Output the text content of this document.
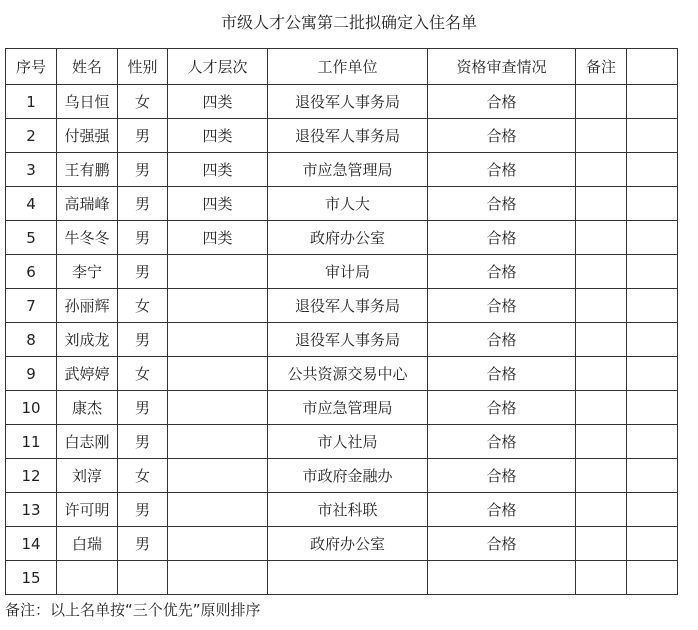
市级人才公寓第二批拟确定入住名单
序号	姓名	性别	人才层次	工作单位	资格审查情况	备注	
1	乌日恒	女	四类	退役军人事务局	合格		
2	付强强	男	四类	退役军人事务局	合格		
3	王有鹏	男	四类	市应急管理局	合格		
4	高瑞峰	男	四类	市人大	合格		
5	牛冬冬	男	四类	政府办公室	合格		
6	李宁	男		审计局	合格		
7	孙丽辉	女		退役军人事务局	合格		
8	刘成龙	男		退役军人事务局	合格		
9	武婷婷	女		公共资源交易中心	合格		
10	康杰	男		市应急管理局	合格		
11	白志刚	男		市人社局	合格		
12	刘淳	女		市政府金融办	合格		
13	许可明	男		市社科联	合格		
14	白瑞	男		政府办公室	合格		
15							
备注：以上名单按“三个优先”原则排序
